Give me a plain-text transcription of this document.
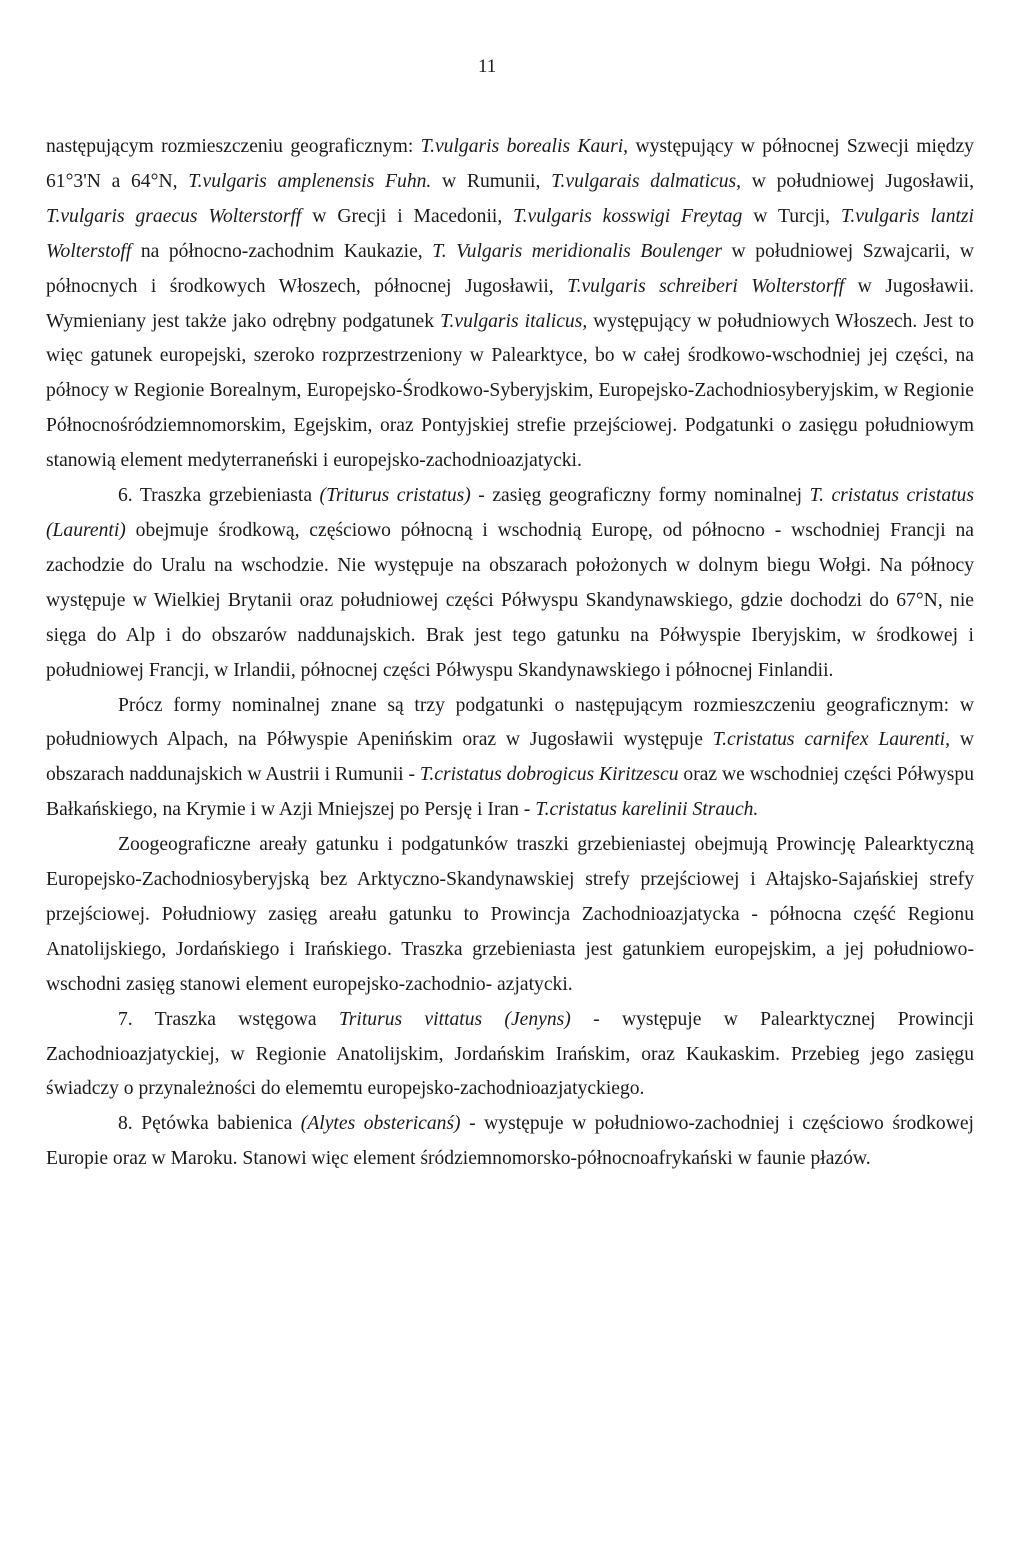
11

następującym rozmieszczeniu geograficznym: T.vulgaris borealis Kauri, występujący w północnej Szwecji między 61°3'N a 64°N, T.vulgaris amplenensis Fuhn. w Rumunii, T.vulgarais dalmaticus, w południowej Jugosławii, T.vulgaris graecus Wolterstorff w Grecji i Macedonii, T.vulgaris kosswigi Freytag w Turcji, T.vulgaris lantzi Wolterstoff na północno-zachodnim Kaukazie, T. Vulgaris meridionalis Boulenger w południowej Szwajcarii, w północnych i środkowych Włoszech, północnej Jugosławii, T.vulgaris schreiberi Wolterstorff w Jugosławii. Wymieniany jest także jako odrębny podgatunek T.vulgaris italicus, występujący w południowych Włoszech. Jest to więc gatunek europejski, szeroko rozprzestrzeniony w Palearktyce, bo w całej środkowo-wschodniej jej części, na północy w Regionie Borealnym, Europejsko-Środkowo-Syberyjskim, Europejsko-Zachodniosyberyjskim, w Regionie Północnośródziemnomorskim, Egejskim, oraz Pontyjskiej strefie przejściowej. Podgatunki o zasięgu południowym stanowią element medyterraneński i europejsko-zachodnioazjatycki.

6. Traszka grzebieniasta (Triturus cristatus) - zasięg geograficzny formy nominalnej T. cristatus cristatus (Laurenti) obejmuje środkową, częściowo północną i wschodnią Europę, od północno - wschodniej Francji na zachodzie do Uralu na wschodzie. Nie występuje na obszarach położonych w dolnym biegu Wołgi. Na północy występuje w Wielkiej Brytanii oraz południowej części Półwyspu Skandynawskiego, gdzie dochodzi do 67°N, nie sięga do Alp i do obszarów naddunajskich. Brak jest tego gatunku na Półwyspie Iberyjskim, w środkowej i południowej Francji, w Irlandii, północnej części Półwyspu Skandynawskiego i północnej Finlandii.

Prócz formy nominalnej znane są trzy podgatunki o następującym rozmieszczeniu geograficznym: w południowych Alpach, na Półwyspie Apenińskim oraz w Jugosławii występuje T.cristatus carnifex Laurenti, w obszarach naddunajskich w Austrii i Rumunii - T.cristatus dobrogicus Kiritzescu oraz we wschodniej części Półwyspu Bałkańskiego, na Krymie i w Azji Mniejszej po Persję i Iran - T.cristatus karelinii Strauch.

Zoogeograficzne areały gatunku i podgatunków traszki grzebieniastej obejmują Prowincję Palearktyczną Europejsko-Zachodniosyberyjską bez Arktyczno-Skandynawskiej strefy przejściowej i Ałtajsko-Sajańskiej strefy przejściowej. Południowy zasięg areału gatunku to Prowincja Zachodnioazjatycka - północna część Regionu Anatolijskiego, Jordańskiego i Irańskiego. Traszka grzebieniasta jest gatunkiem europejskim, a jej południowo-wschodni zasięg stanowi element europejsko-zachodnio- azjatycki.

7. Traszka wstęgowa Triturus vittatus (Jenyns) - występuje w Palearktycznej Prowincji Zachodnioazjatyckiej, w Regionie Anatolijskim, Jordańskim Irańskim, oraz Kaukaskim. Przebieg jego zasięgu świadczy o przynależności do elememtu europejsko-zachodnioazjatyckiego.

8. Pętówka babienica (Alytes obstericanś) - występuje w południowo-zachodniej i częściowo środkowej Europie oraz w Maroku. Stanowi więc element śródziemnomorsko-północnoafrykański w faunie płazów.
